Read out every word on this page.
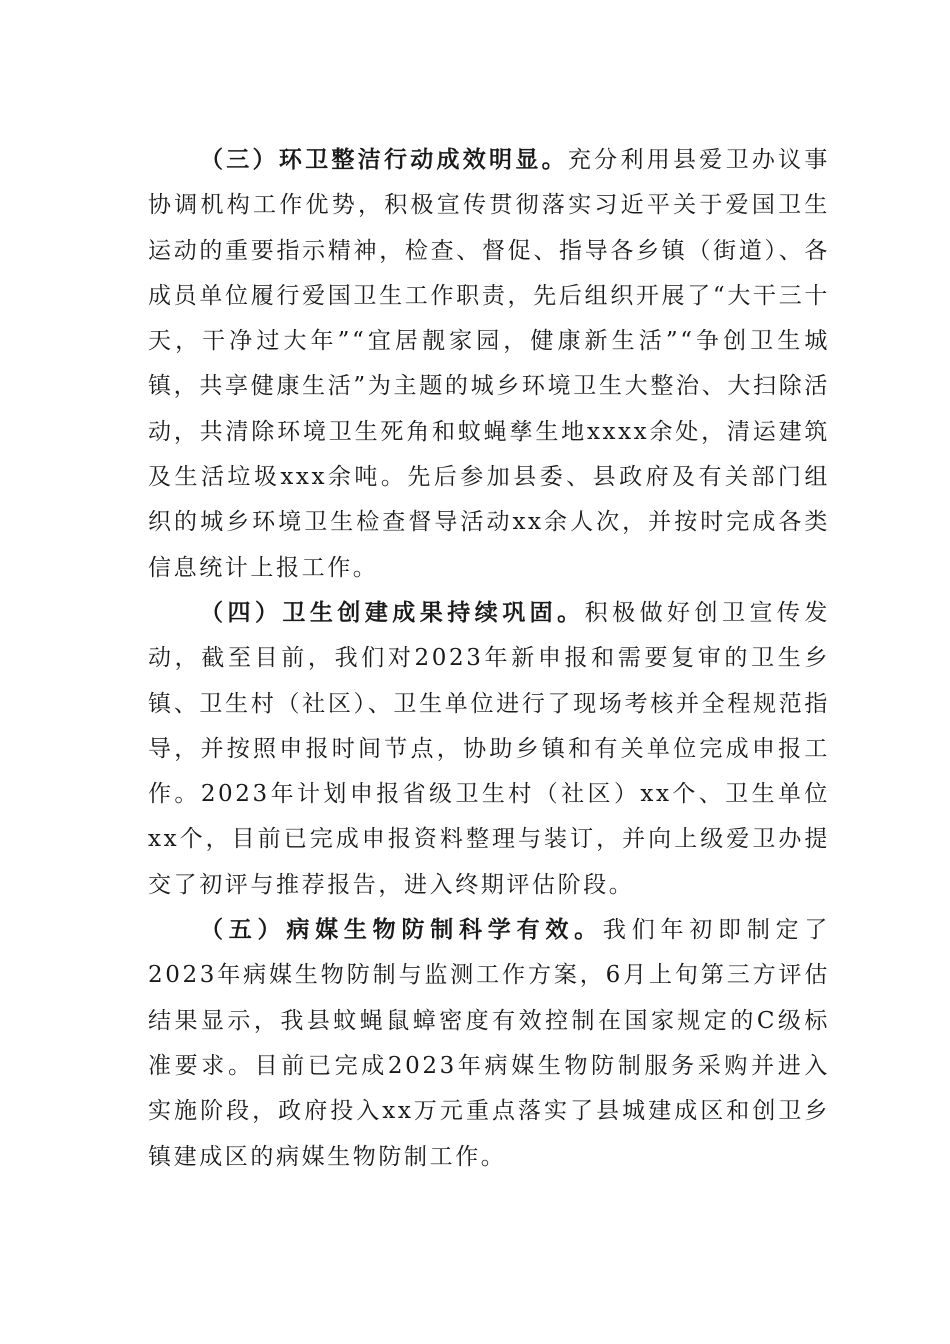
（三）环卫整洁行动成效明显。充分利用县爱卫办议事协调机构工作优势，积极宣传贯彻落实习近平关于爱国卫生运动的重要指示精神，检查、督促、指导各乡镇（街道）、各成员单位履行爱国卫生工作职责，先后组织开展了“大干三十天，干净过大年”“宜居靓家园，健康新生活”“争创卫生城镇，共享健康生活”为主题的城乡环境卫生大整治、大扫除活动，共清除环境卫生死角和蚊蝇孳生地xxxx余处，清运建筑及生活垃圾xxx余吨。先后参加县委、县政府及有关部门组织的城乡环境卫生检查督导活动xx余人次，并按时完成各类信息统计上报工作。

（四）卫生创建成果持续巩固。积极做好创卫宣传发动，截至目前，我们对2023年新申报和需要复审的卫生乡镇、卫生村（社区）、卫生单位进行了现场考核并全程规范指导，并按照申报时间节点，协助乡镇和有关单位完成申报工作。2023年计划申报省级卫生村（社区）xx个、卫生单位xx个，目前已完成申报资料整理与装订，并向上级爱卫办提交了初评与推荐报告，进入终期评估阶段。

（五）病媒生物防制科学有效。我们年初即制定了2023年病媒生物防制与监测工作方案，6月上旬第三方评估结果显示，我县蚊蝇鼠蟑密度有效控制在国家规定的C级标准要求。目前已完成2023年病媒生物防制服务采购并进入实施阶段，政府投入xx万元重点落实了县城建成区和创卫乡镇建成区的病媒生物防制工作。
